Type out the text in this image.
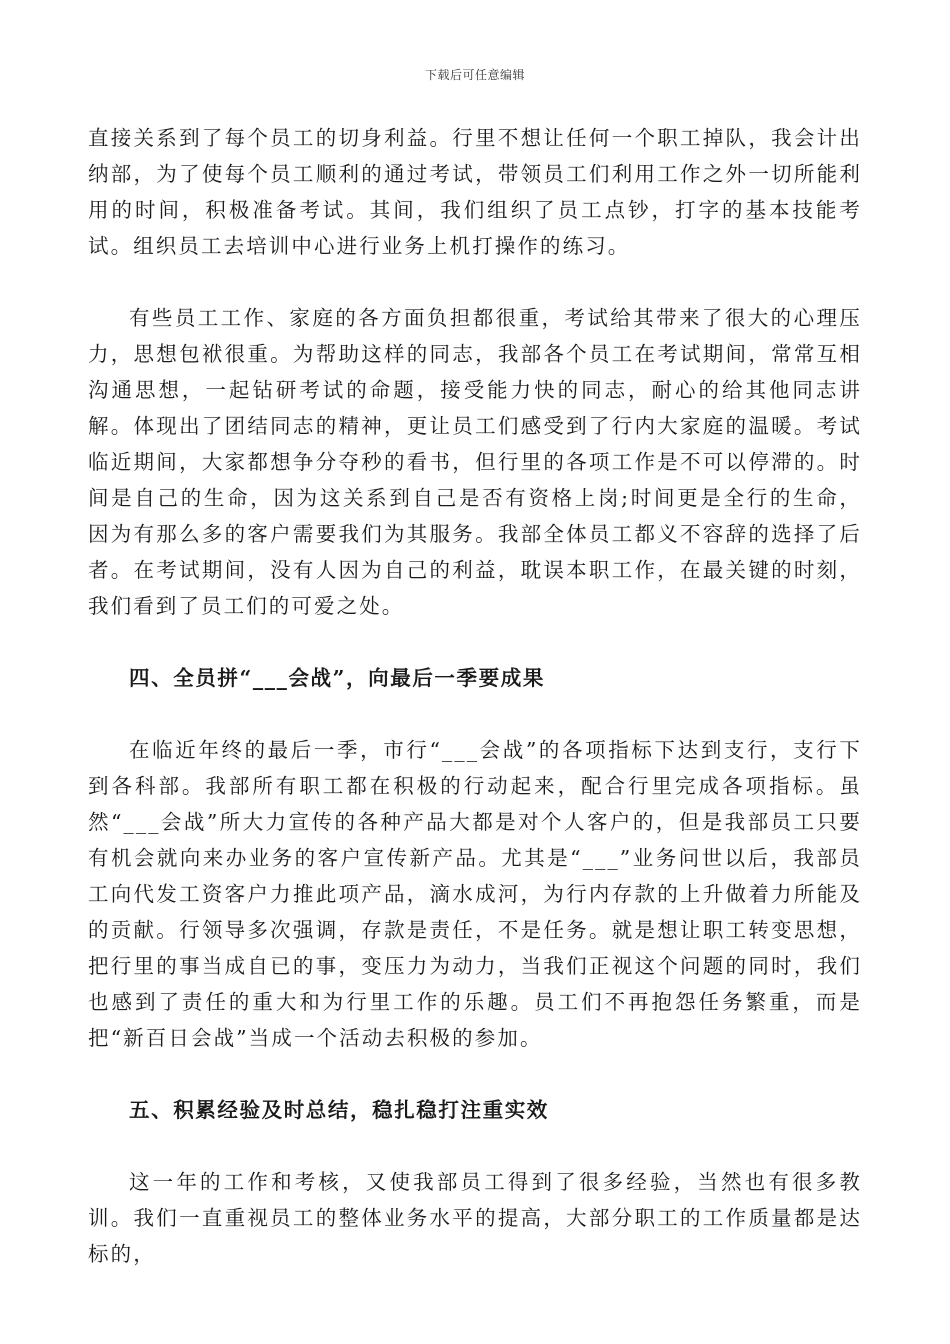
下载后可任意编辑

直接关系到了每个员工的切身利益。行里不想让任何一个职工掉队，我会计出纳部，为了使每个员工顺利的通过考试，带领员工们利用工作之外一切所能利用的时间，积极准备考试。其间，我们组织了员工点钞，打字的基本技能考试。组织员工去培训中心进行业务上机打操作的练习。

有些员工工作、家庭的各方面负担都很重，考试给其带来了很大的心理压力，思想包袱很重。为帮助这样的同志，我部各个员工在考试期间，常常互相沟通思想，一起钻研考试的命题，接受能力快的同志，耐心的给其他同志讲解。体现出了团结同志的精神，更让员工们感受到了行内大家庭的温暖。考试临近期间，大家都想争分夺秒的看书，但行里的各项工作是不可以停滞的。时间是自己的生命，因为这关系到自己是否有资格上岗;时间更是全行的生命，因为有那么多的客户需要我们为其服务。我部全体员工都义不容辞的选择了后者。在考试期间，没有人因为自己的利益，耽误本职工作，在最关键的时刻，我们看到了员工们的可爱之处。

四、全员拼“___会战”，向最后一季要成果

在临近年终的最后一季，市行“___会战”的各项指标下达到支行，支行下到各科部。我部所有职工都在积极的行动起来，配合行里完成各项指标。虽然“___会战”所大力宣传的各种产品大都是对个人客户的，但是我部员工只要有机会就向来办业务的客户宣传新产品。尤其是“___”业务问世以后，我部员工向代发工资客户力推此项产品，滴水成河，为行内存款的上升做着力所能及的贡献。行领导多次强调，存款是责任，不是任务。就是想让职工转变思想，把行里的事当成自已的事，变压力为动力，当我们正视这个问题的同时，我们也感到了责任的重大和为行里工作的乐趣。员工们不再抱怨任务繁重，而是把“新百日会战”当成一个活动去积极的参加。

五、积累经验及时总结，稳扎稳打注重实效

这一年的工作和考核，又使我部员工得到了很多经验，当然也有很多教训。我们一直重视员工的整体业务水平的提高，大部分职工的工作质量都是达标的，
